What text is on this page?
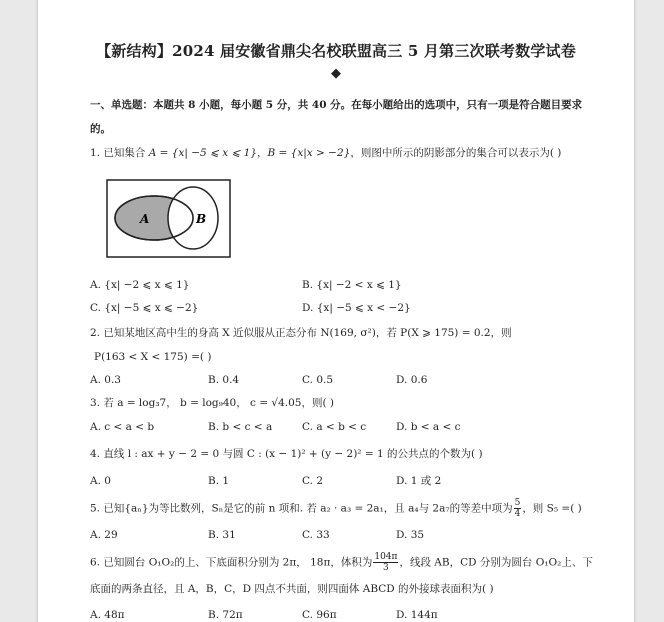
【新结构】2024 届安徽省鼎尖名校联盟高三 5 月第三次联考数学试卷
◆
一、单选题：本题共 8 小题，每小题 5 分，共 40 分。在每小题给出的选项中，只有一项是符合题目要求
的。
1. 已知集合 A = {x| −5 ⩽ x ⩽ 1}，B = {x|x > −2}，则图中所示的阴影部分的集合可以表示为( )
A	B
A. {x| −2 ⩽ x ⩽ 1}	B. {x| −2 < x ⩽ 1}
C. {x| −5 ⩽ x ⩽ −2}	D. {x| −5 ⩽ x < −2}
2. 已知某地区高中生的身高 X 近似服从正态分布 N(169, σ²)，若 P(X ⩾ 175) = 0.2，则
P(163 < X < 175) =( )
A. 0.3	B. 0.4	C. 0.5	D. 0.6
3. 若 a = log₃7， b = log₉40， c = √4.05，则( )
A. c < a < b	B. b < c < a	C. a < b < c	D. b < a < c
4. 直线 l : ax + y − 2 = 0 与圆 C : (x − 1)² + (y − 2)² = 1 的公共点的个数为( )
A. 0	B. 1	C. 2	D. 1 或 2
5. 已知{aₙ}为等比数列，Sₙ是它的前 n 项和. 若 a₂ · a₃ = 2a₁，且 a₄与 2a₇的等差中项为 $\frac{5}{4}$ ，则 S₅ =( )
A. 29	B. 31	C. 33	D. 35
6. 已知圆台 O₁O₂的上、下底面积分别为 2π， 18π，体积为 $\frac{104\pi}{3}$ ，线段 AB，CD 分别为圆台 O₁O₂上、下
底面的两条直径，且 A，B，C，D 四点不共面，则四面体 ABCD 的外接球表面积为( )
A. 48π	B. 72π	C. 96π	D. 144π
